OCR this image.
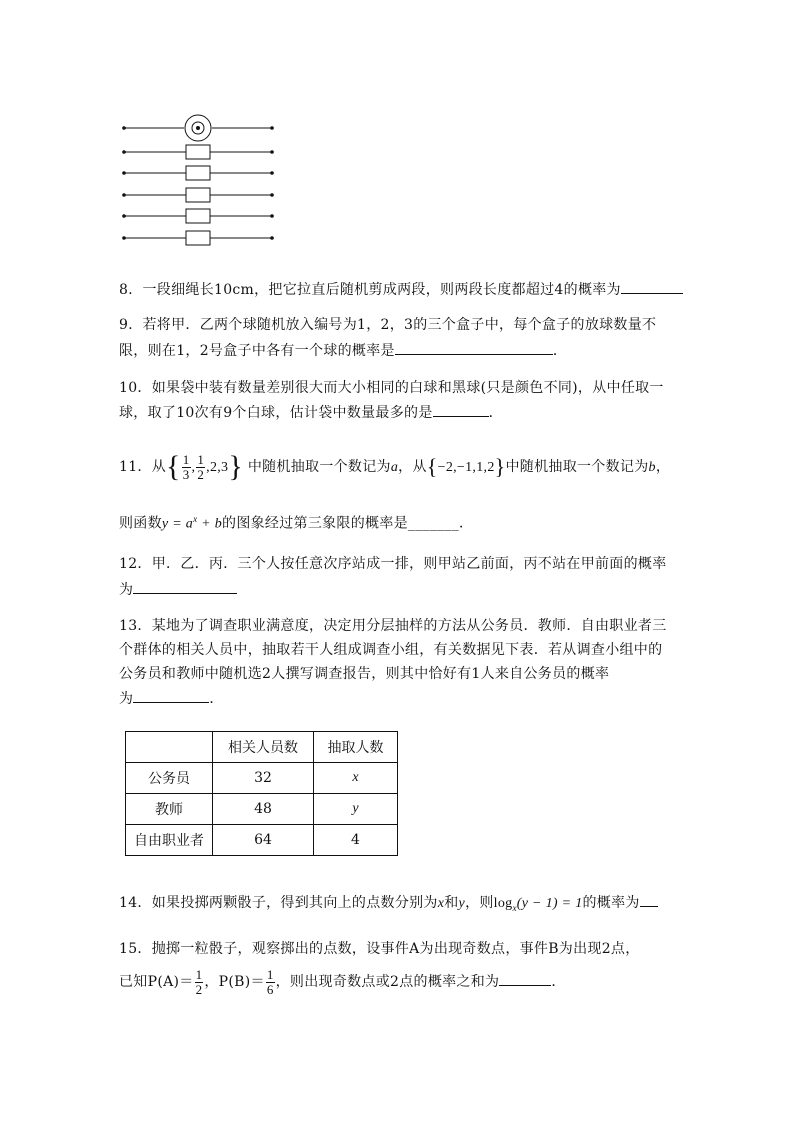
8．一段细绳长10cm，把它拉直后随机剪成两段，则两段长度都超过4的概率为
9．若将甲．乙两个球随机放入编号为1，2，3的三个盒子中，每个盒子的放球数量不
限，则在1，2号盒子中各有一个球的概率是	．
10．如果袋中装有数量差别很大而大小相同的白球和黑球(只是颜色不同)，从中任取一
球，取了10次有9个白球，估计袋中数量最多的是	．
11．从{ $\frac{1}{3}$ , $\frac{1}{2} ,2,3$} 中随机抽取一个数记为a，从{−2,−1,1,2}中随机抽取一个数记为b，
则函数$y = a^x + b$的图象经过第三象限的概率是_______．
12．甲．乙．丙．三个人按任意次序站成一排，则甲站乙前面，丙不站在甲前面的概率
为
13．某地为了调查职业满意度，决定用分层抽样的方法从公务员．教师．自由职业者三
个群体的相关人员中，抽取若干人组成调查小组，有关数据见下表．若从调查小组中的
公务员和教师中随机选2人撰写调查报告，则其中恰好有1人来自公务员的概率
为	．
	相关人员数	抽取人数
公务员	32	x
教师	48	y
自由职业者	64	4
14．如果投掷两颗骰子，得到其向上的点数分别为x和y，则$\log_x(y - 1) = 1$的概率为
15．抛掷一粒骰子，观察掷出的点数，设事件A为出现奇数点，事件B为出现2点，
已知$P(A)= \frac{1}{2}$ ，$P(B)= \frac{1}{6}$ ，则出现奇数点或2点的概率之和为	．
